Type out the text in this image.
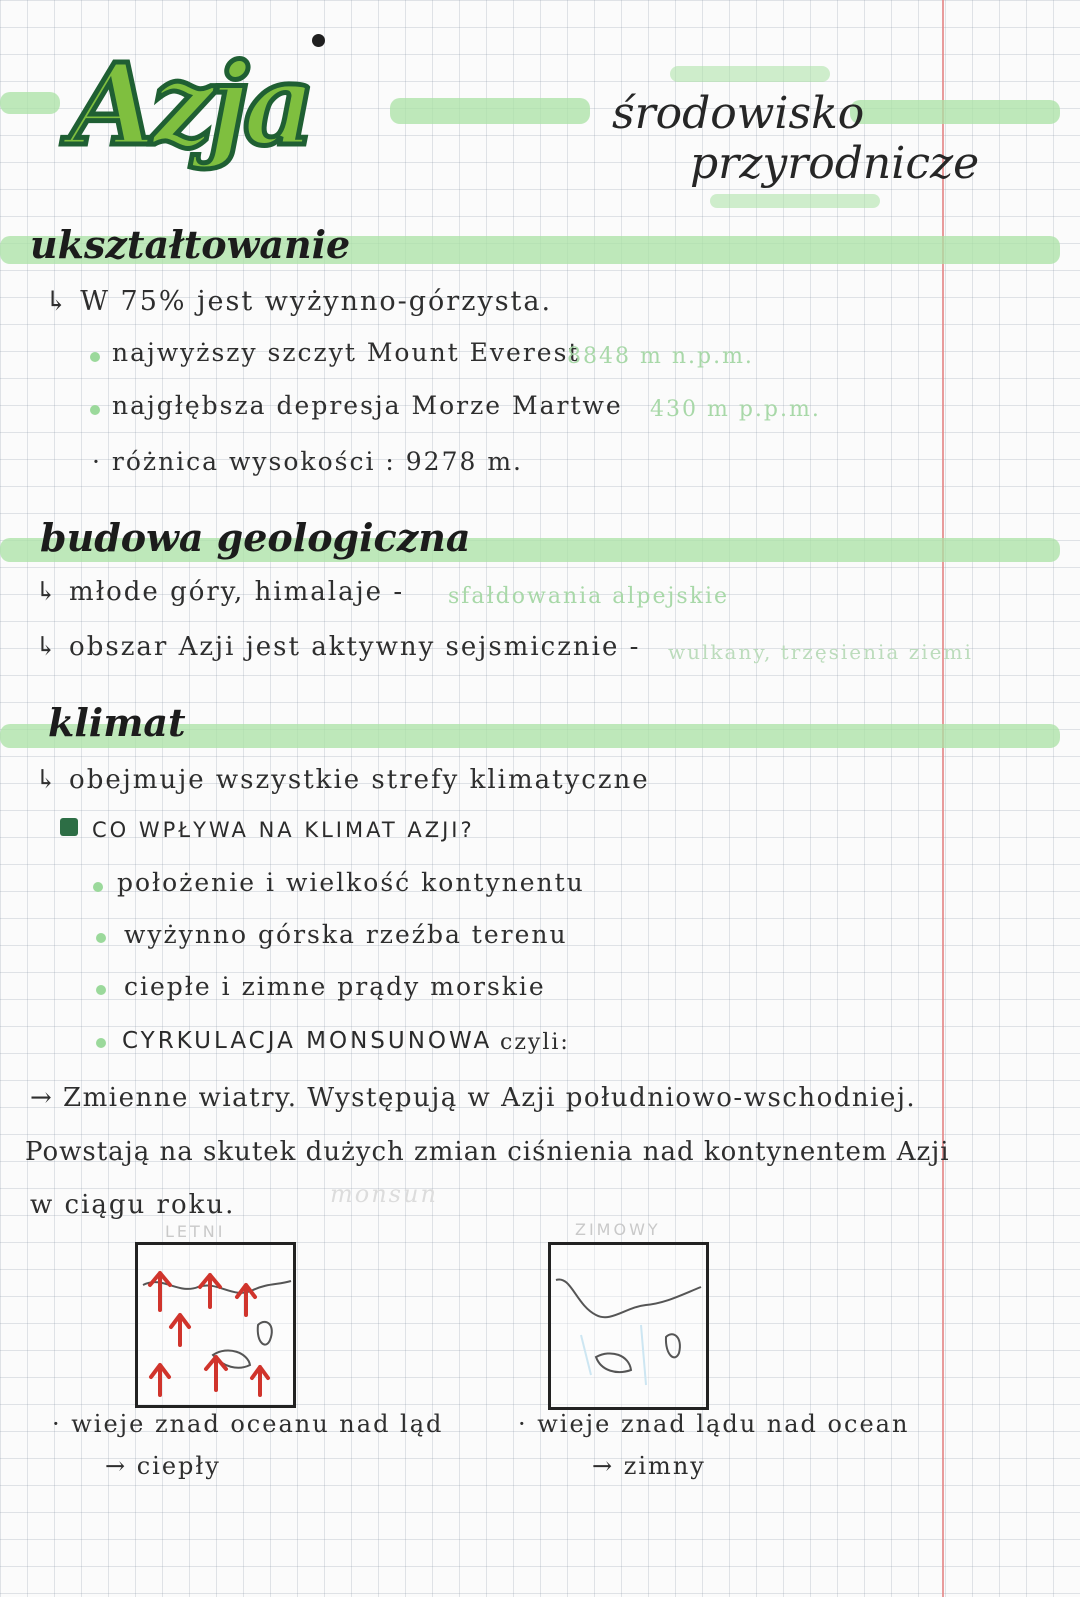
Azja	środowisko
przyrodnicze
ukształtowanie
↳ W 75% jest wyżynno-górzysta.
najwyższy szczyt Mount Everest
8848 m n.p.m.
najgłębsza depresja Morze Martwe 430 m p.p.m.
· różnica wysokości : 9278 m.
budowa geologiczna
↳ młode góry, himalaje - sfałdowania alpejskie
↳ obszar Azji jest aktywny sejsmicznie - wulkany, trzęsienia ziemi
klimat
↳ obejmuje wszystkie strefy klimatyczne
CO WPŁYWA NA KLIMAT AZJI?
położenie i wielkość kontynentu
wyżynno górska rzeźba terenu
ciepłe i zimne prądy morskie
CYRKULACJA MONSUNOWA czyli:
→ Zmienne wiatry. Występują w Azji południowo-wschodniej.
Powstają na skutek dużych zmian ciśnienia nad kontynentem Azji
w ciągu roku.	monsun
LETNI
· wieje znad oceanu nad ląd
→ ciepły
ZIMOWY
· wieje znad lądu nad ocean
→ zimny
